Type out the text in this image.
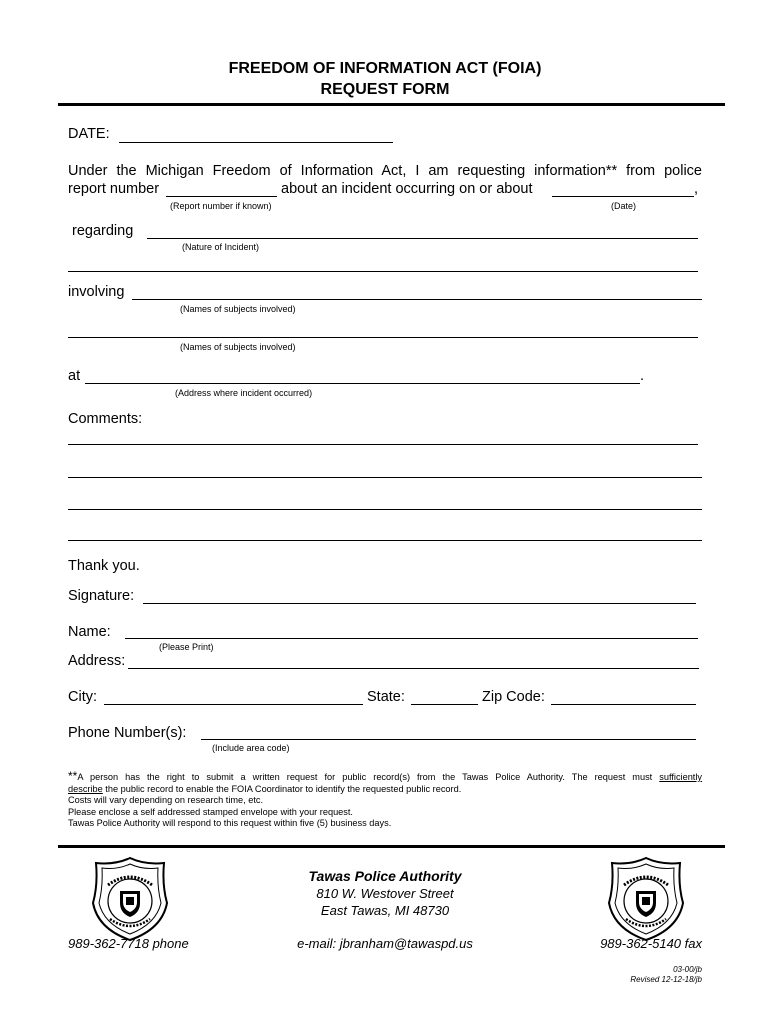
FREEDOM OF INFORMATION ACT (FOIA)
REQUEST FORM
DATE:
Under the Michigan Freedom of Information Act, I am requesting information** from police
report number	about an incident occurring on or about	,
(Report number if known)	(Date)
regarding
(Nature of Incident)
involving
(Names of subjects involved)
(Names of subjects involved)
at	.
(Address where incident occurred)
Comments:
Thank you.
Signature:
Name:
(Please Print)
Address:
City:	State:	Zip Code:
Phone Number(s):
(Include area code)
**A person has the right to submit a written request for public record(s) from the Tawas Police Authority. The request must sufficiently
describe the public record to enable the FOIA Coordinator to identify the requested public record.
Costs will vary depending on research time, etc.
Please enclose a self addressed stamped envelope with your request.
Tawas Police Authority will respond to this request within five (5) business days.
Tawas Police Authority
810 W. Westover Street
East Tawas, MI 48730
989-362-7718 phone	e-mail: jbranham@tawaspd.us	989-362-5140 fax
03-00/jb
Revised 12-12-18/jb
